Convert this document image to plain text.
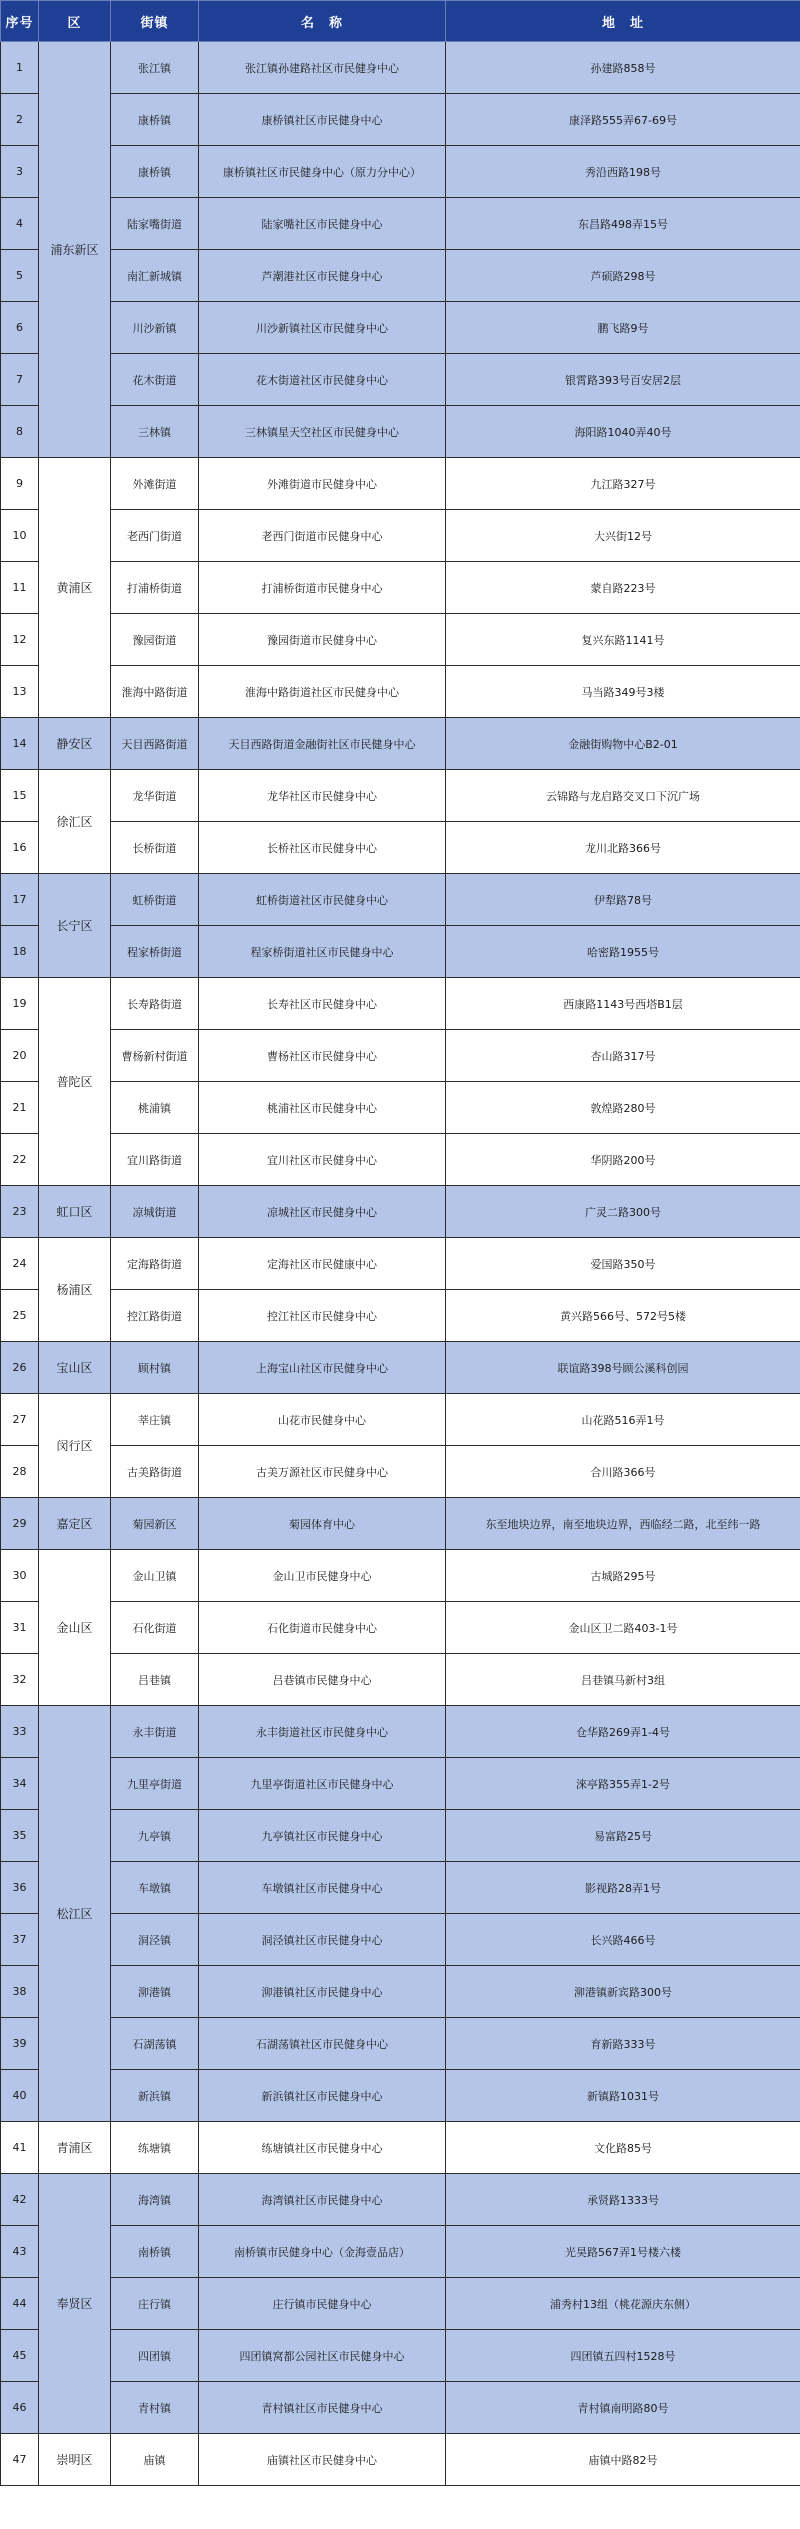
序号	区	街镇	名　称	地　址
1	浦东新区	张江镇	张江镇孙建路社区市民健身中心	孙建路858号
2		康桥镇	康桥镇社区市民健身中心	康泽路555弄67-69号
3		康桥镇	康桥镇社区市民健身中心（原力分中心）	秀沿西路198号
4		陆家嘴街道	陆家嘴社区市民健身中心	东昌路498弄15号
5		南汇新城镇	芦潮港社区市民健身中心	芦硕路298号
6		川沙新镇	川沙新镇社区市民健身中心	鹏飞路9号
7		花木街道	花木街道社区市民健身中心	银霄路393号百安居2层
8		三林镇	三林镇星天空社区市民健身中心	海阳路1040弄40号
9	黄浦区	外滩街道	外滩街道市民健身中心	九江路327号
10		老西门街道	老西门街道市民健身中心	大兴街12号
11		打浦桥街道	打浦桥街道市民健身中心	蒙自路223号
12		豫园街道	豫园街道市民健身中心	复兴东路1141号
13		淮海中路街道	淮海中路街道社区市民健身中心	马当路349号3楼
14	静安区	天目西路街道	天目西路街道金融街社区市民健身中心	金融街购物中心B2-01
15	徐汇区	龙华街道	龙华社区市民健身中心	云锦路与龙启路交叉口下沉广场
16		长桥街道	长桥社区市民健身中心	龙川北路366号
17	长宁区	虹桥街道	虹桥街道社区市民健身中心	伊犁路78号
18		程家桥街道	程家桥街道社区市民健身中心	哈密路1955号
19	普陀区	长寿路街道	长寿社区市民健身中心	西康路1143号西塔B1层
20		曹杨新村街道	曹杨社区市民健身中心	杏山路317号
21		桃浦镇	桃浦社区市民健身中心	敦煌路280号
22		宜川路街道	宜川社区市民健身中心	华阴路200号
23	虹口区	凉城街道	凉城社区市民健身中心	广灵二路300号
24	杨浦区	定海路街道	定海社区市民健康中心	爱国路350号
25		控江路街道	控江社区市民健身中心	黄兴路566号、572号5楼
26	宝山区	顾村镇	上海宝山社区市民健身中心	联谊路398号顾公溪科创园
27	闵行区	莘庄镇	山花市民健身中心	山花路516弄1号
28		古美路街道	古美万源社区市民健身中心	合川路366号
29	嘉定区	菊园新区	菊园体育中心	东至地块边界，南至地块边界，西临经二路，北至纬一路
30	金山区	金山卫镇	金山卫市民健身中心	古城路295号
31		石化街道	石化街道市民健身中心	金山区卫二路403-1号
32		吕巷镇	吕巷镇市民健身中心	吕巷镇马新村3组
33	松江区	永丰街道	永丰街道社区市民健身中心	仓华路269弄1-4号
34		九里亭街道	九里亭街道社区市民健身中心	淶亭路355弄1-2号
35		九亭镇	九亭镇社区市民健身中心	易富路25号
36		车墩镇	车墩镇社区市民健身中心	影视路28弄1号
37		洞泾镇	洞泾镇社区市民健身中心	长兴路466号
38		泖港镇	泖港镇社区市民健身中心	泖港镇新宾路300号
39		石湖荡镇	石湖荡镇社区市民健身中心	育新路333号
40		新浜镇	新浜镇社区市民健身中心	新镇路1031号
41	青浦区	练塘镇	练塘镇社区市民健身中心	文化路85号
42	奉贤区	海湾镇	海湾镇社区市民健身中心	承贤路1333号
43		南桥镇	南桥镇市民健身中心（金海壹品店）	光昊路567弄1号楼六楼
44		庄行镇	庄行镇市民健身中心	浦秀村13组（桃花源庆东侧）
45		四团镇	四团镇窝都公园社区市民健身中心	四团镇五四村1528号
46		青村镇	青村镇社区市民健身中心	青村镇南明路80号
47	崇明区	庙镇	庙镇社区市民健身中心	庙镇中路82号
